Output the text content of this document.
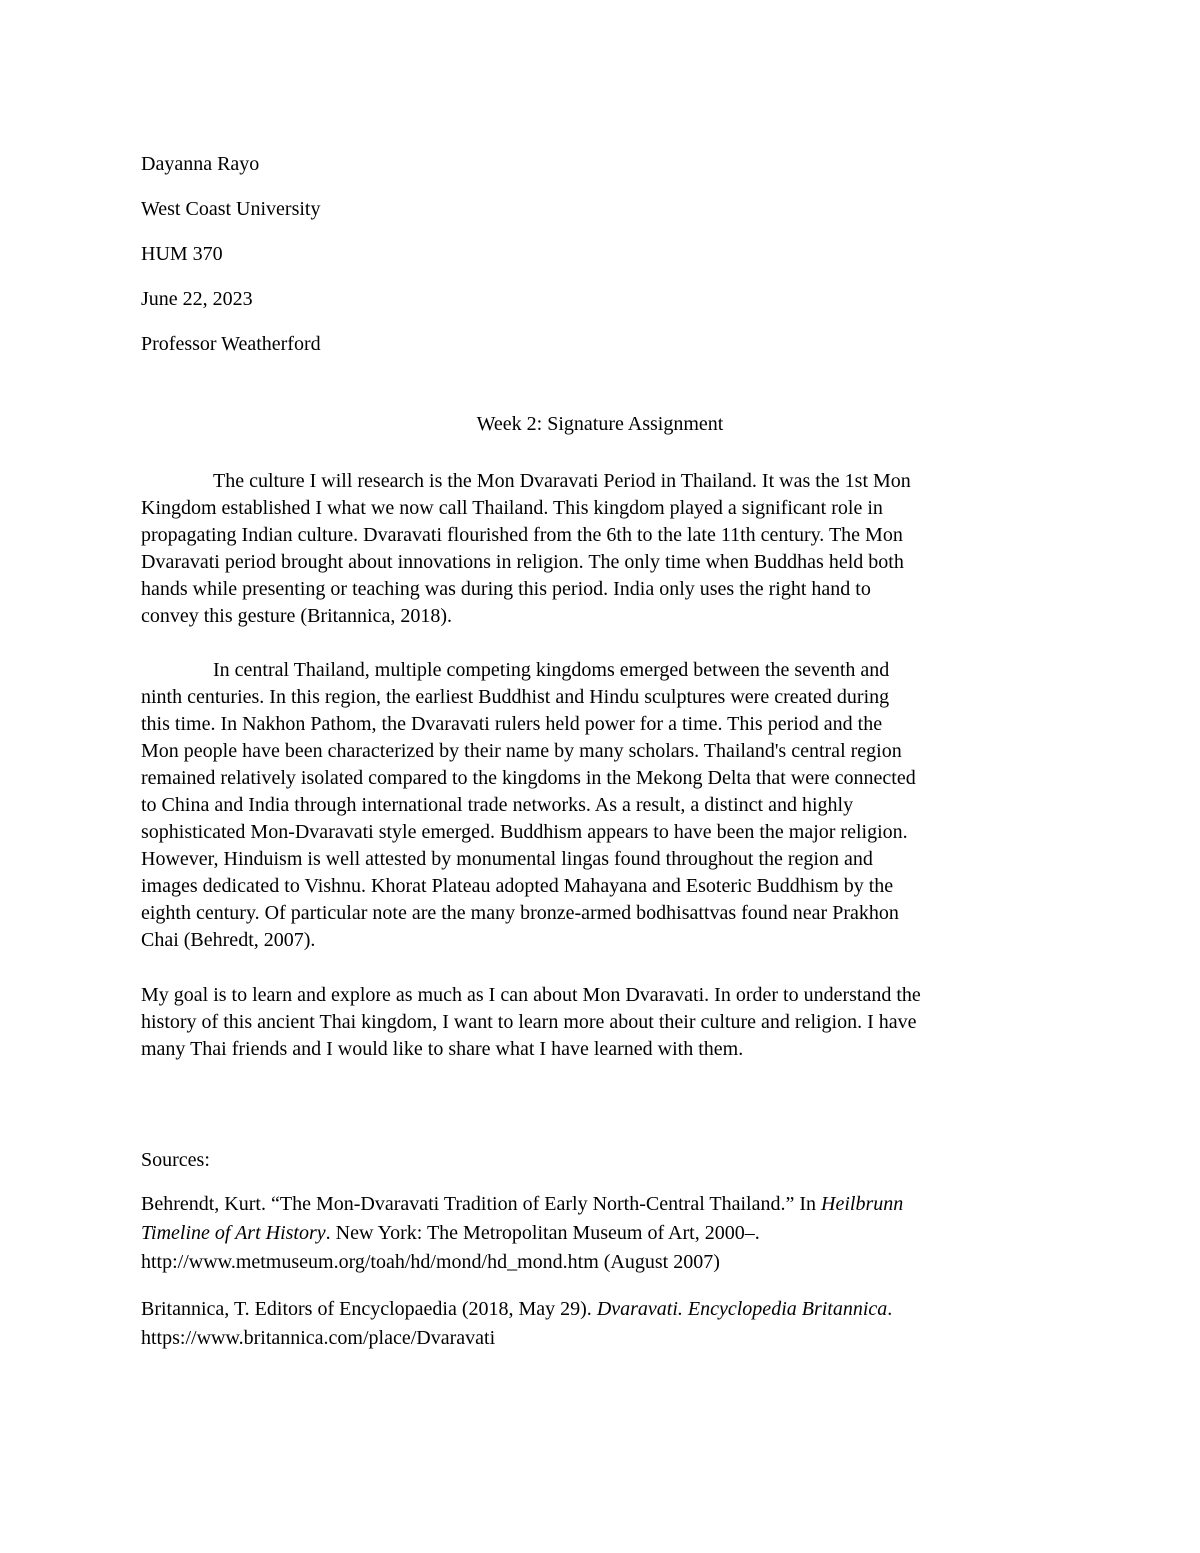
Dayanna Rayo
West Coast University
HUM 370
June 22, 2023
Professor Weatherford
Week 2: Signature Assignment

The culture I will research is the Mon Dvaravati Period in Thailand. It was the 1st Mon
Kingdom established I what we now call Thailand. This kingdom played a significant role in
propagating Indian culture. Dvaravati flourished from the 6th to the late 11th century. The Mon
Dvaravati period brought about innovations in religion. The only time when Buddhas held both
hands while presenting or teaching was during this period. India only uses the right hand to
convey this gesture (Britannica, 2018).

In central Thailand, multiple competing kingdoms emerged between the seventh and
ninth centuries. In this region, the earliest Buddhist and Hindu sculptures were created during
this time. In Nakhon Pathom, the Dvaravati rulers held power for a time. This period and the
Mon people have been characterized by their name by many scholars. Thailand's central region
remained relatively isolated compared to the kingdoms in the Mekong Delta that were connected
to China and India through international trade networks. As a result, a distinct and highly
sophisticated Mon-Dvaravati style emerged. Buddhism appears to have been the major religion.
However, Hinduism is well attested by monumental lingas found throughout the region and
images dedicated to Vishnu. Khorat Plateau adopted Mahayana and Esoteric Buddhism by the
eighth century. Of particular note are the many bronze-armed bodhisattvas found near Prakhon
Chai (Behredt, 2007).

My goal is to learn and explore as much as I can about Mon Dvaravati. In order to understand the
history of this ancient Thai kingdom, I want to learn more about their culture and religion. I have
many Thai friends and I would like to share what I have learned with them.

Sources:

Behrendt, Kurt. “The Mon-Dvaravati Tradition of Early North-Central Thailand.” In Heilbrunn
Timeline of Art History. New York: The Metropolitan Museum of Art, 2000–.
http://www.metmuseum.org/toah/hd/mond/hd_mond.htm (August 2007)

Britannica, T. Editors of Encyclopaedia (2018, May 29). Dvaravati. Encyclopedia Britannica.
https://www.britannica.com/place/Dvaravati
